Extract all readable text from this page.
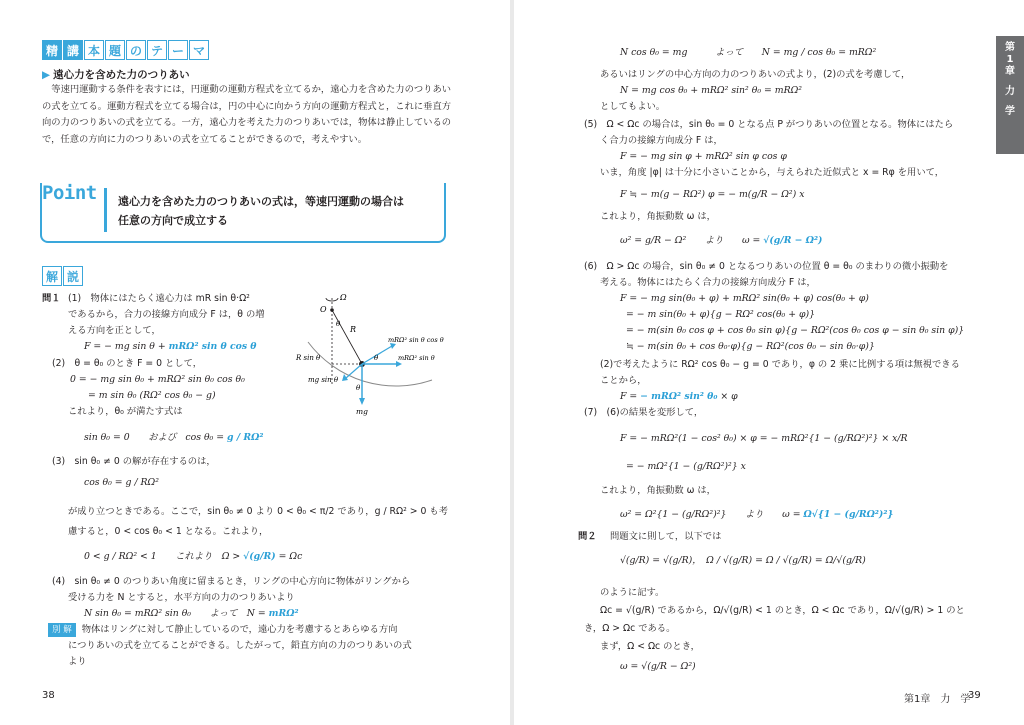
精 講 本 題 の テ ー マ
▶ 遠心力を含めた力のつりあい
等速円運動する条件を表すには，円運動の運動方程式を立てるか，遠心力を含めた力のつりあいの式を立てる。運動方程式を立てる場合は，円の中心に向かう方向の運動方程式と，これに垂直方向の力のつりあいの式を立てる。一方，遠心力を考えた力のつりあいでは，物体は静止しているので，任意の方向に力のつりあいの式を立てることができるので，考えやすい。
Point 遠心力を含めた力のつりあいの式は，等速円運動の場合は
任意の方向で成立する
解 説
問１ (1)　物体にはたらく遠心力は mR sin θ·Ω²
であるから，合力の接線方向成分 F は，θ の増
える方向を正として，
F = − mg sin θ + mRΩ² sin θ cos θ
(2)　θ = θ₀ のとき F = 0 として，
0 = − mg sin θ₀ + mRΩ² sin θ₀ cos θ₀
= m sin θ₀ (RΩ² cos θ₀ − g)
これより，θ₀ が満たす式は
sin θ₀ = 0　　および　cos θ₀ = g / RΩ²
(3)　sin θ₀ ≠ 0 の解が存在するのは，
cos θ₀ = g / RΩ²
が成り立つときである。ここで，sin θ₀ ≠ 0 より 0 < θ₀ < π/2 であり，g / RΩ² > 0 も考
慮すると，0 < cos θ₀ < 1 となる。これより，
0 < g / RΩ² < 1　　これより　Ω > √(g/R) = Ωc
(4)　sin θ₀ ≠ 0 のつりあい角度に留まるとき，リングの中心方向に物体がリングから
受ける力を N とすると，水平方向の力のつりあいより
N sin θ₀ = mRΩ² sin θ₀　　よって　N = mRΩ²
別 解 物体はリングに対して静止しているので，遠心力を考慮するとあらゆる方向
につりあいの式を立てることができる。したがって，鉛直方向の力のつりあいの式
より
Ω
O
R
θ
θ
θ
R sin θ
mRΩ² sin θ cos θ
mRΩ² sin θ
mg sin θ
mg
38
N cos θ₀ = mg　　　よって　　N = mg / cos θ₀ = mRΩ²
あるいはリングの中心方向の力のつりあいの式より，(2)の式を考慮して，
N = mg cos θ₀ + mRΩ² sin² θ₀ = mRΩ²
としてもよい。
(5)　Ω < Ωc の場合は，sin θ₀ = 0 となる点 P がつりあいの位置となる。物体にはたら
く合力の接線方向成分 F は，
F = − mg sin φ + mRΩ² sin φ cos φ
いま，角度 |φ| は十分に小さいことから，与えられた近似式と x = Rφ を用いて，
F ≒ − m(g − RΩ²) φ = − m(g/R − Ω²) x
これより，角振動数 ω は，
ω² = g/R − Ω²　　より　　ω = √(g/R − Ω²)
(6)　Ω > Ωc の場合，sin θ₀ ≠ 0 となるつりあいの位置 θ = θ₀ のまわりの微小振動を
考える。物体にはたらく合力の接線方向成分 F は，
F = − mg sin(θ₀ + φ) + mRΩ² sin(θ₀ + φ) cos(θ₀ + φ)
= − m sin(θ₀ + φ){g − RΩ² cos(θ₀ + φ)}
= − m(sin θ₀ cos φ + cos θ₀ sin φ){g − RΩ²(cos θ₀ cos φ − sin θ₀ sin φ)}
≒ − m(sin θ₀ + cos θ₀·φ){g − RΩ²(cos θ₀ − sin θ₀·φ)}
(2)で考えたように RΩ² cos θ₀ − g = 0 であり，φ の 2 乗に比例する項は無視できる
ことから，
F = − mRΩ² sin² θ₀ × φ
(7)　(6)の結果を変形して，
F = − mRΩ²(1 − cos² θ₀) × φ = − mRΩ²{1 − (g/RΩ²)²} × x/R
= − mΩ²{1 − (g/RΩ²)²} x
これより，角振動数 ω は，
ω² = Ω²{1 − (g/RΩ²)²}　　より　　ω = Ω√{1 − (g/RΩ²)²}
問２ 問題文に則して，以下では
√(g/R) = √(g/R)，　Ω / √(g/R) = Ω / √(g/R) = Ω/√(g/R)
のように記す。
Ωc = √(g/R) であるから，Ω/√(g/R) < 1 のとき，Ω < Ωc であり，Ω/√(g/R) > 1 のと
き，Ω > Ωc である。
まず，Ω < Ωc のとき，
ω = √(g/R − Ω²)
第
1
章
力
学
第1章　力　学
39
